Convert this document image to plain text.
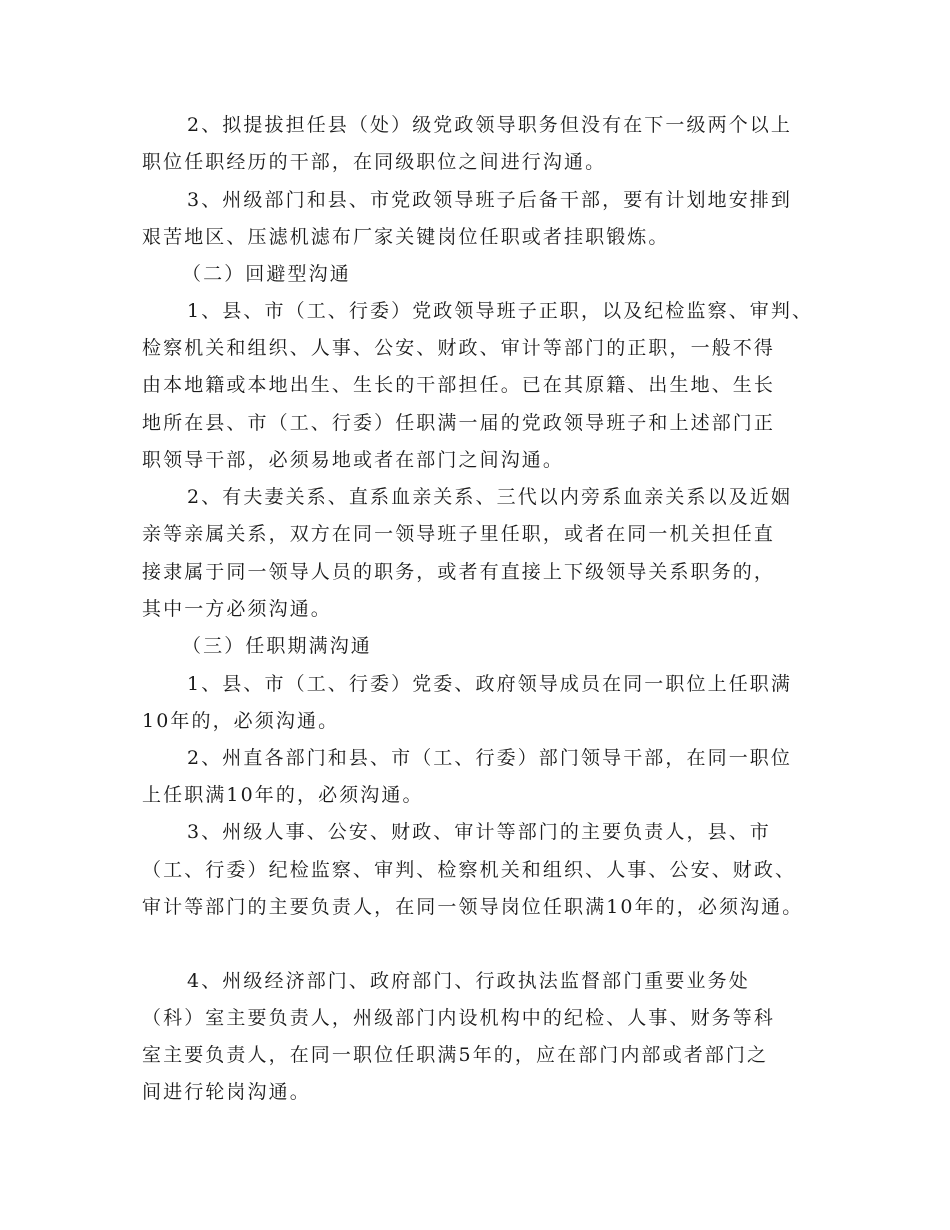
2、拟提拔担任县（处）级党政领导职务但没有在下一级两个以上

职位任职经历的干部，在同级职位之间进行沟通。

3、州级部门和县、市党政领导班子后备干部，要有计划地安排到

艰苦地区、压滤机滤布厂家关键岗位任职或者挂职锻炼。

（二）回避型沟通

1、县、市（工、行委）党政领导班子正职，以及纪检监察、审判、

检察机关和组织、人事、公安、财政、审计等部门的正职，一般不得

由本地籍或本地出生、生长的干部担任。已在其原籍、出生地、生长

地所在县、市（工、行委）任职满一届的党政领导班子和上述部门正

职领导干部，必须易地或者在部门之间沟通。

2、有夫妻关系、直系血亲关系、三代以内旁系血亲关系以及近姻

亲等亲属关系，双方在同一领导班子里任职，或者在同一机关担任直

接隶属于同一领导人员的职务，或者有直接上下级领导关系职务的，

其中一方必须沟通。

（三）任职期满沟通

1、县、市（工、行委）党委、政府领导成员在同一职位上任职满

10年的，必须沟通。

2、州直各部门和县、市（工、行委）部门领导干部，在同一职位

上任职满10年的，必须沟通。

3、州级人事、公安、财政、审计等部门的主要负责人，县、市

（工、行委）纪检监察、审判、检察机关和组织、人事、公安、财政、

审计等部门的主要负责人，在同一领导岗位任职满10年的，必须沟通。

4、州级经济部门、政府部门、行政执法监督部门重要业务处

（科）室主要负责人，州级部门内设机构中的纪检、人事、财务等科

室主要负责人，在同一职位任职满5年的，应在部门内部或者部门之

间进行轮岗沟通。
